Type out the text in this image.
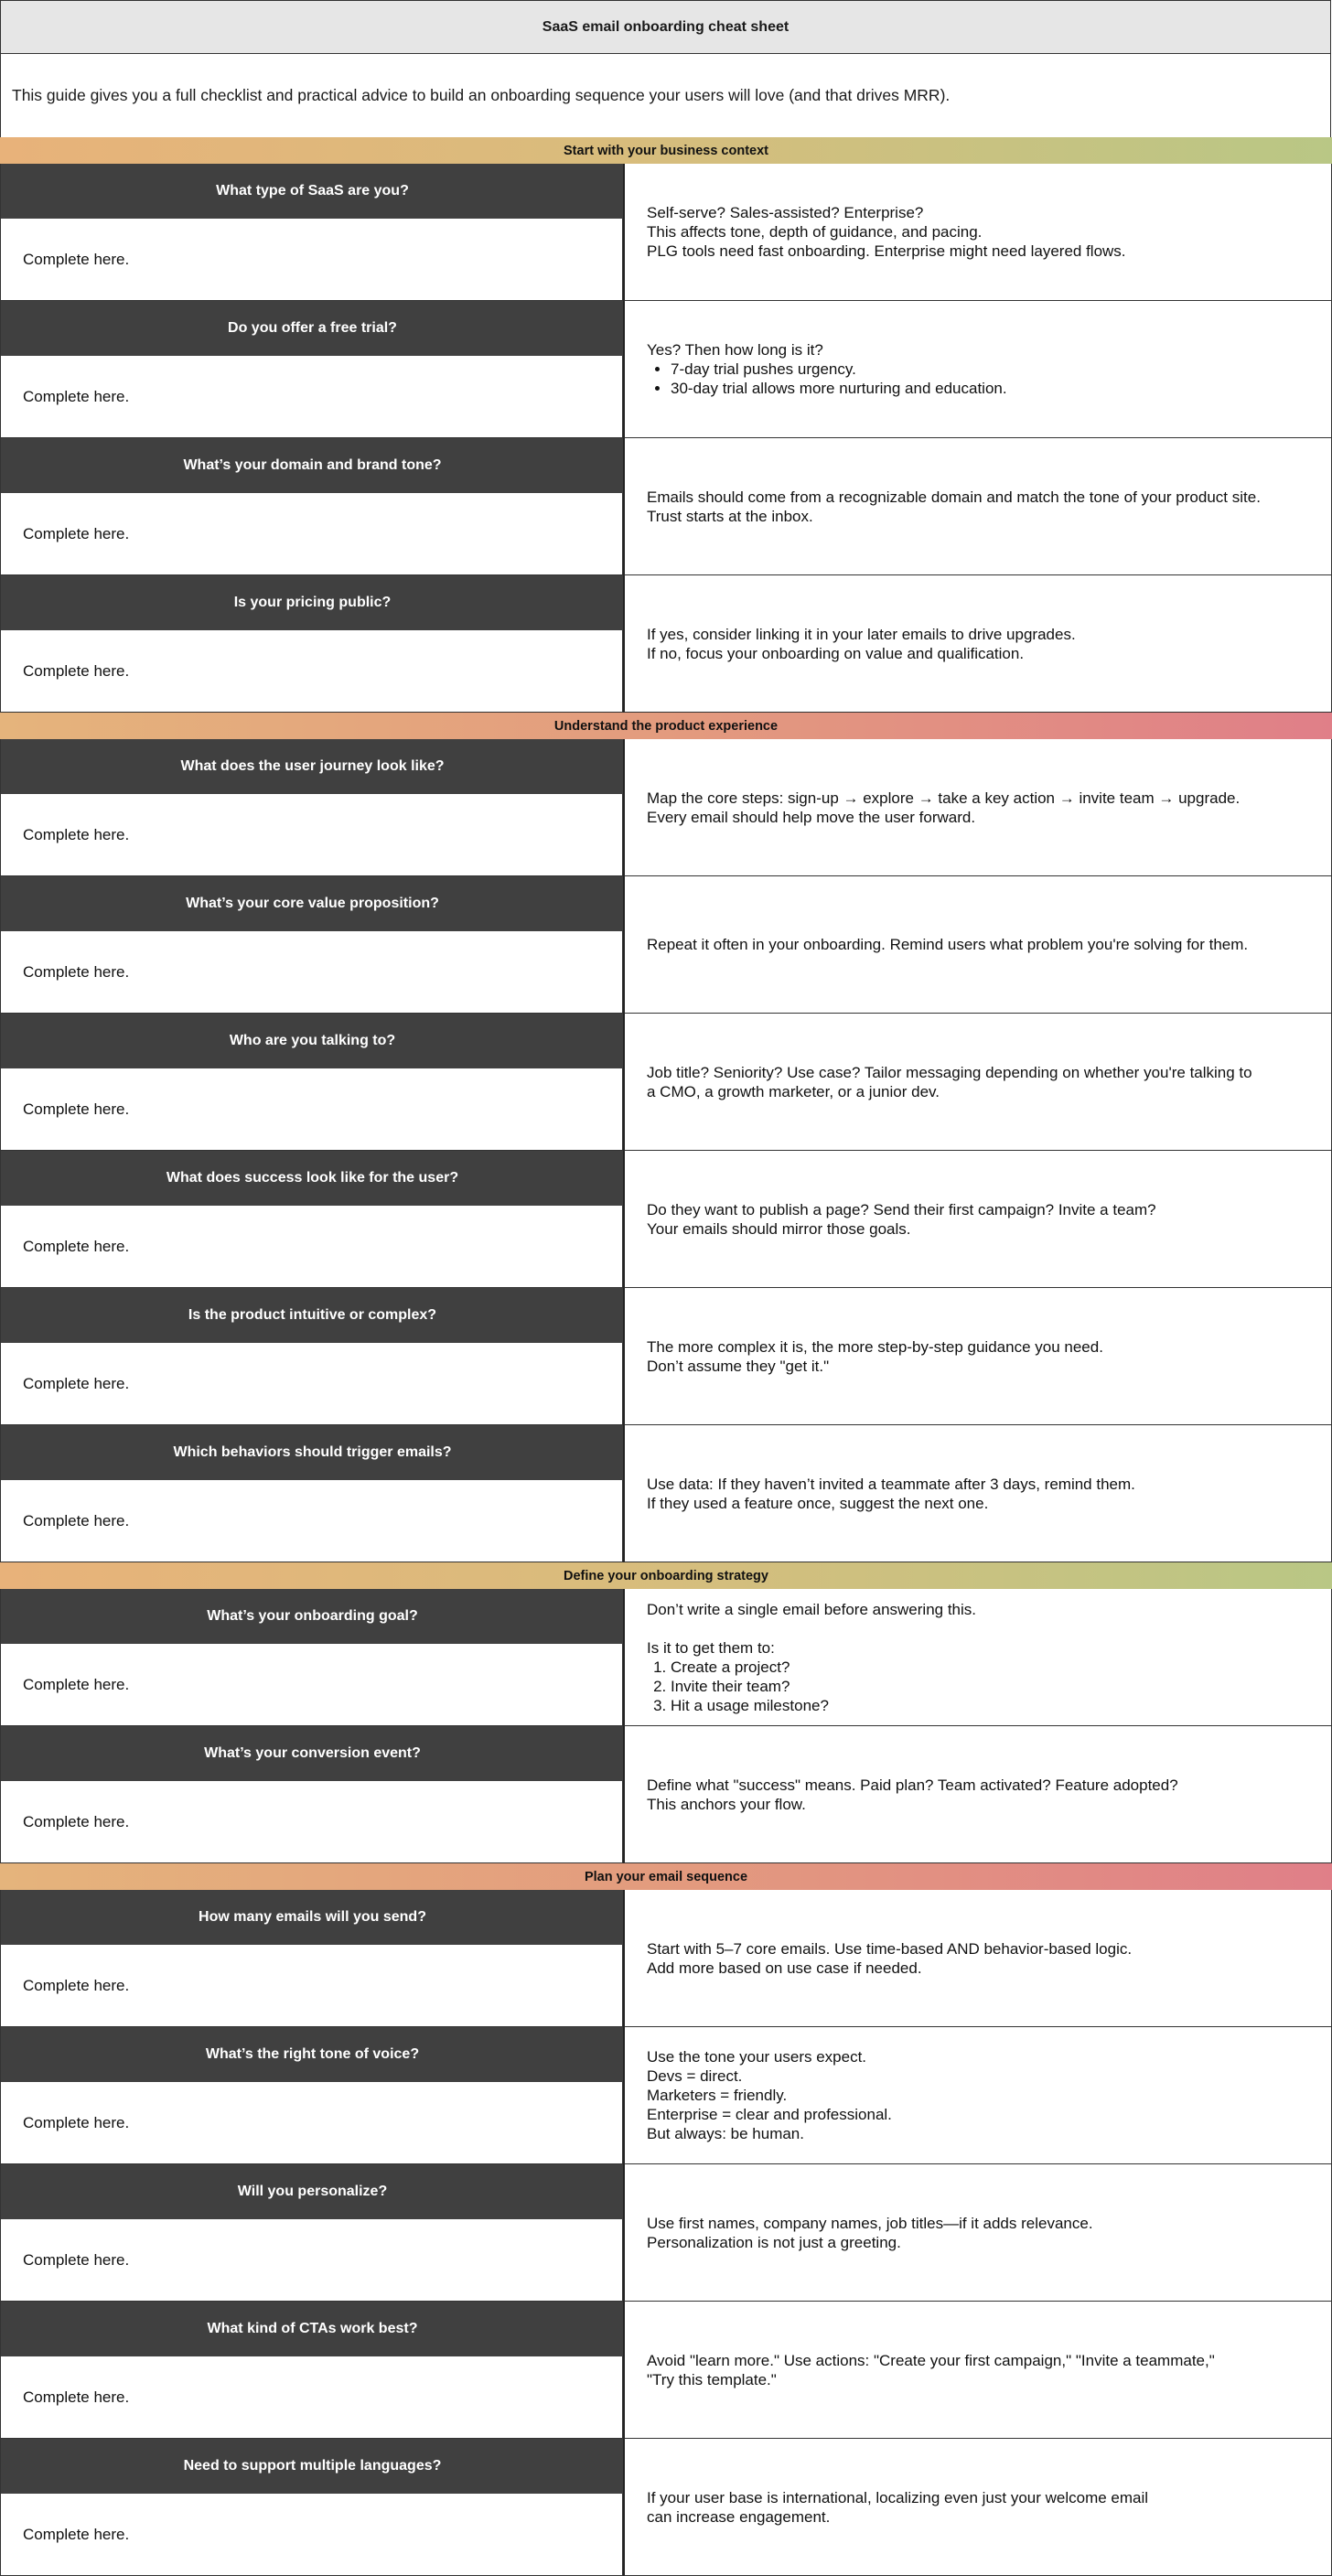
SaaS email onboarding cheat sheet
This guide gives you a full checklist and practical advice to build an onboarding sequence your users will love (and that drives MRR).
Start with your business context
What type of SaaS are you?
Complete here.
Self-serve? Sales-assisted? Enterprise?
This affects tone, depth of guidance, and pacing.
PLG tools need fast onboarding. Enterprise might need layered flows.
Do you offer a free trial?
Complete here.
Yes? Then how long is it?
• 7-day trial pushes urgency.
• 30-day trial allows more nurturing and education.
What’s your domain and brand tone?
Complete here.
Emails should come from a recognizable domain and match the tone of your product site.
Trust starts at the inbox.
Is your pricing public?
Complete here.
If yes, consider linking it in your later emails to drive upgrades.
If no, focus your onboarding on value and qualification.
Understand the product experience
What does the user journey look like?
Complete here.
Map the core steps: sign-up → explore → take a key action → invite team → upgrade.
Every email should help move the user forward.
What’s your core value proposition?
Complete here.
Repeat it often in your onboarding. Remind users what problem you're solving for them.
Who are you talking to?
Complete here.
Job title? Seniority? Use case? Tailor messaging depending on whether you're talking to
a CMO, a growth marketer, or a junior dev.
What does success look like for the user?
Complete here.
Do they want to publish a page? Send their first campaign? Invite a team?
Your emails should mirror those goals.
Is the product intuitive or complex?
Complete here.
The more complex it is, the more step-by-step guidance you need.
Don’t assume they "get it."
Which behaviors should trigger emails?
Complete here.
Use data: If they haven’t invited a teammate after 3 days, remind them.
If they used a feature once, suggest the next one.
Define your onboarding strategy
What’s your onboarding goal?
Complete here.
Don’t write a single email before answering this.
Is it to get them to:
1. Create a project?
2. Invite their team?
3. Hit a usage milestone?
What’s your conversion event?
Complete here.
Define what "success" means. Paid plan? Team activated? Feature adopted?
This anchors your flow.
Plan your email sequence
How many emails will you send?
Complete here.
Start with 5–7 core emails. Use time-based AND behavior-based logic.
Add more based on use case if needed.
What’s the right tone of voice?
Complete here.
Use the tone your users expect.
Devs = direct.
Marketers = friendly.
Enterprise = clear and professional.
But always: be human.
Will you personalize?
Complete here.
Use first names, company names, job titles—if it adds relevance.
Personalization is not just a greeting.
What kind of CTAs work best?
Complete here.
Avoid "learn more." Use actions: "Create your first campaign," "Invite a teammate,"
"Try this template."
Need to support multiple languages?
Complete here.
If your user base is international, localizing even just your welcome email
can increase engagement.
